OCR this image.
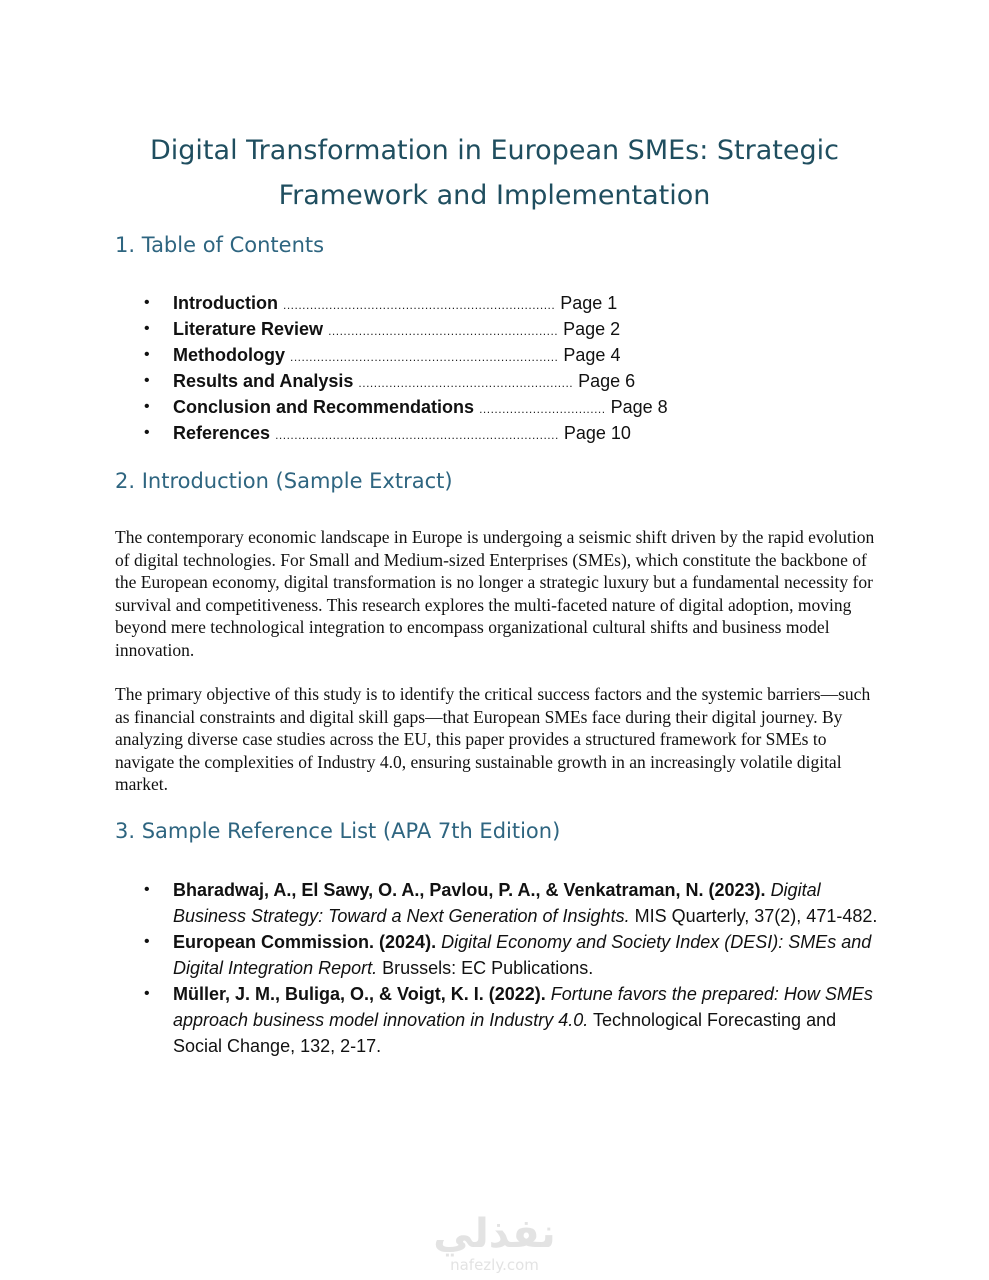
Digital Transformation in European SMEs: Strategic
Framework and Implementation
1. Table of Contents
• Introduction ....................................................................... Page 1
• Literature Review ............................................................ Page 2
• Methodology ...................................................................... Page 4
• Results and Analysis ........................................................ Page 6
• Conclusion and Recommendations ................................. Page 8
• References .......................................................................... Page 10
2. Introduction (Sample Extract)

The contemporary economic landscape in Europe is undergoing a seismic shift driven by the rapid evolution of digital technologies. For Small and Medium-sized Enterprises (SMEs), which constitute the backbone of the European economy, digital transformation is no longer a strategic luxury but a fundamental necessity for survival and competitiveness. This research explores the multi-faceted nature of digital adoption, moving beyond mere technological integration to encompass organizational cultural shifts and business model innovation.

The primary objective of this study is to identify the critical success factors and the systemic barriers—such as financial constraints and digital skill gaps—that European SMEs face during their digital journey. By analyzing diverse case studies across the EU, this paper provides a structured framework for SMEs to navigate the complexities of Industry 4.0, ensuring sustainable growth in an increasingly volatile digital market.

3. Sample Reference List (APA 7th Edition)
• Bharadwaj, A., El Sawy, O. A., Pavlou, P. A., & Venkatraman, N. (2023). Digital Business Strategy: Toward a Next Generation of Insights. MIS Quarterly, 37(2), 471-482.
• European Commission. (2024). Digital Economy and Society Index (DESI): SMEs and Digital Integration Report. Brussels: EC Publications.
• Müller, J. M., Buliga, O., & Voigt, K. I. (2022). Fortune favors the prepared: How SMEs approach business model innovation in Industry 4.0. Technological Forecasting and Social Change, 132, 2-17.
نفذلي
nafezly.com
